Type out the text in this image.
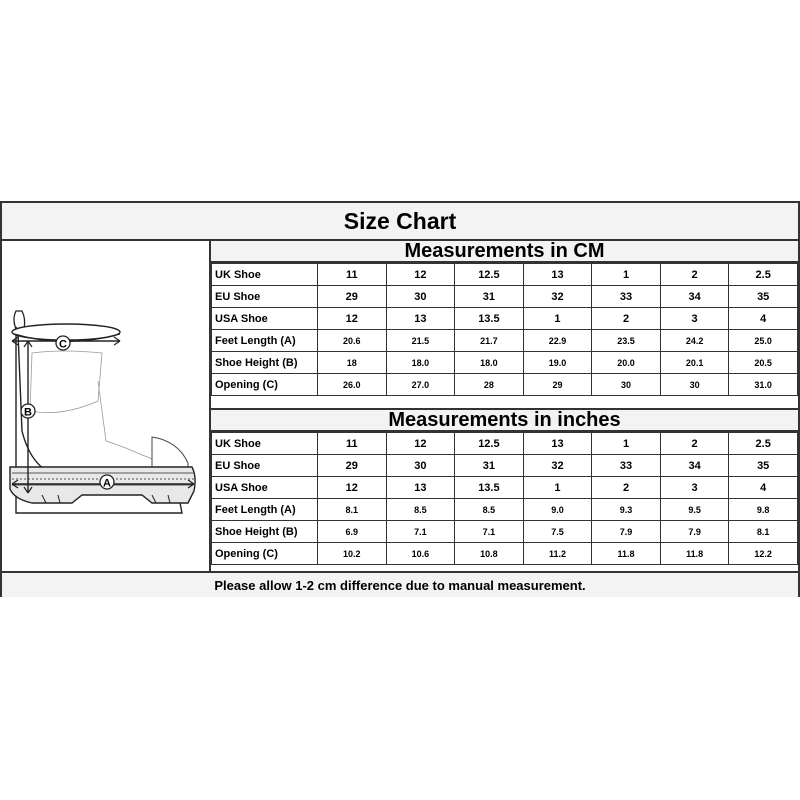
Size Chart
C
B
A
Measurements in CM
UK Shoe	11	12	12.5	13	1	2	2.5
EU Shoe	29	30	31	32	33	34	35
USA Shoe	12	13	13.5	1	2	3	4
Feet Length (A)	20.6	21.5	21.7	22.9	23.5	24.2	25.0
Shoe Height (B)	18	18.0	18.0	19.0	20.0	20.1	20.5
Opening (C)	26.0	27.0	28	29	30	30	31.0
Measurements in inches
UK Shoe	11	12	12.5	13	1	2	2.5
EU Shoe	29	30	31	32	33	34	35
USA Shoe	12	13	13.5	1	2	3	4
Feet Length (A)	8.1	8.5	8.5	9.0	9.3	9.5	9.8
Shoe Height (B)	6.9	7.1	7.1	7.5	7.9	7.9	8.1
Opening (C)	10.2	10.6	10.8	11.2	11.8	11.8	12.2
Please allow 1-2 cm difference due to manual measurement.
